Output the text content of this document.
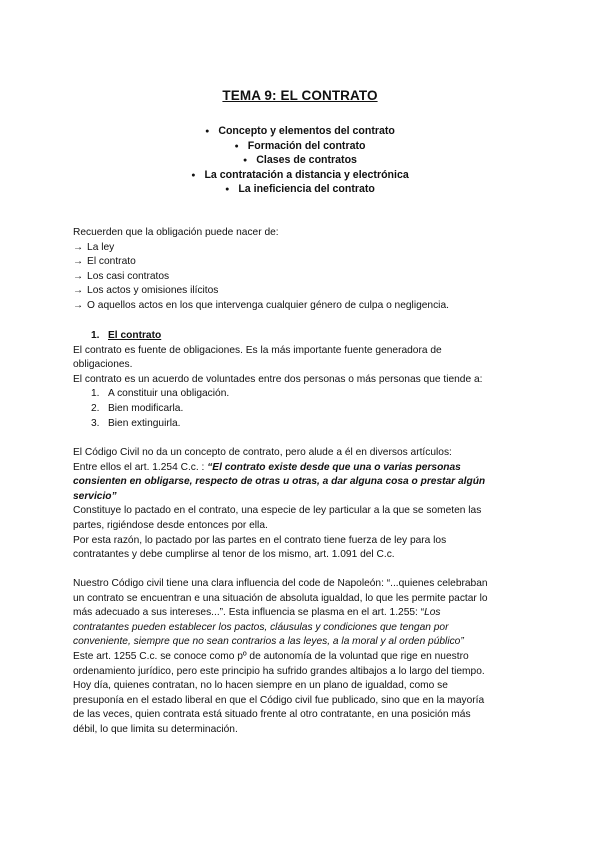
TEMA 9: EL CONTRATO
● Concepto y elementos del contrato
● Formación del contrato
● Clases de contratos
● La contratación a distancia y electrónica
● La ineficiencia del contrato
Recuerden que la obligación puede nacer de:
→ La ley
→ El contrato
→ Los casi contratos
→ Los actos y omisiones ilícitos
→ O aquellos actos en los que intervenga cualquier género de culpa o negligencia.
1. El contrato
El contrato es fuente de obligaciones. Es la más importante fuente generadora de
obligaciones.
El contrato es un acuerdo de voluntades entre dos personas o más personas que tiende a:
1. A constituir una obligación.
2. Bien modificarla.
3. Bien extinguirla.
El Código Civil no da un concepto de contrato, pero alude a él en diversos artículos:
Entre ellos el art. 1.254 C.c. : “El contrato existe desde que una o varias personas
consienten en obligarse, respecto de otras u otras, a dar alguna cosa o prestar algún
servicio”
Constituye lo pactado en el contrato, una especie de ley particular a la que se someten las
partes, rigiéndose desde entonces por ella.
Por esta razón, lo pactado por las partes en el contrato tiene fuerza de ley para los
contratantes y debe cumplirse al tenor de los mismo, art. 1.091 del C.c.
Nuestro Código civil tiene una clara influencia del code de Napoleón: “...quienes celebraban
un contrato se encuentran e una situación de absoluta igualdad, lo que les permite pactar lo
más adecuado a sus intereses...”. Esta influencia se plasma en el art. 1.255: “Los
contratantes pueden establecer los pactos, cláusulas y condiciones que tengan por
conveniente, siempre que no sean contrarios a las leyes, a la moral y al orden público”
Este art. 1255 C.c. se conoce como pº de autonomía de la voluntad que rige en nuestro
ordenamiento jurídico, pero este principio ha sufrido grandes altibajos a lo largo del tiempo.
Hoy día, quienes contratan, no lo hacen siempre en un plano de igualdad, como se
presuponía en el estado liberal en que el Código civil fue publicado, sino que en la mayoría
de las veces, quien contrata está situado frente al otro contratante, en una posición más
débil, lo que limita su determinación.
